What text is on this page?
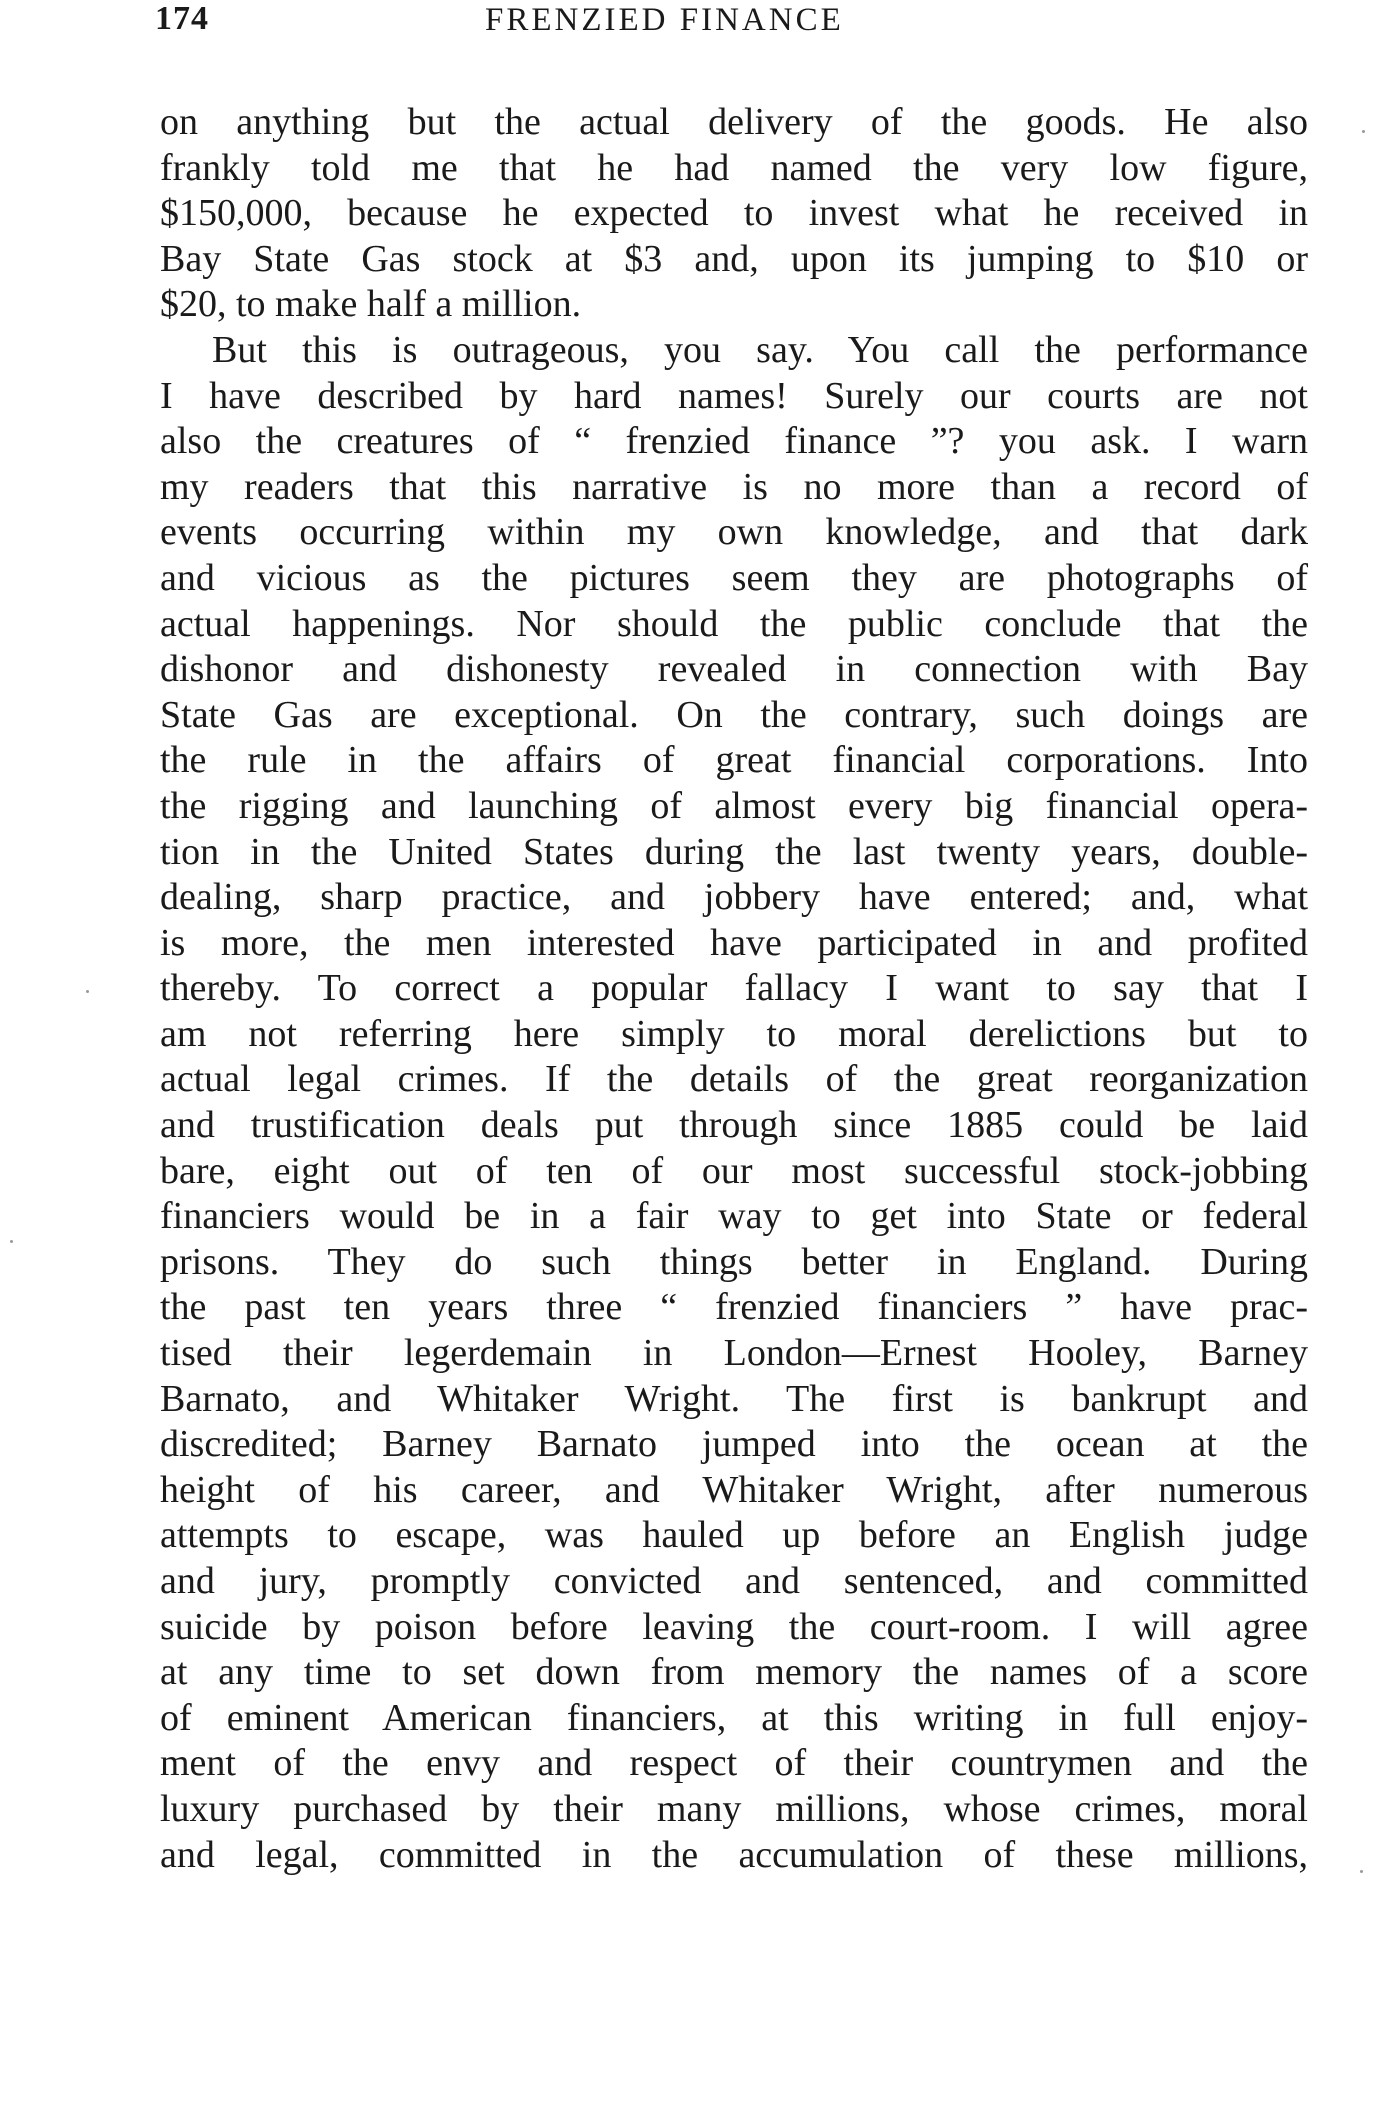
174	FRENZIED FINANCE
on anything but the actual delivery of the goods. He also
frankly told me that he had named the very low figure,
$150,000, because he expected to invest what he received in
Bay State Gas stock at $3 and, upon its jumping to $10 or
$20, to make half a million.
But this is outrageous, you say. You call the performance
I have described by hard names! Surely our courts are not
also the creatures of “ frenzied finance ”? you ask. I warn
my readers that this narrative is no more than a record of
events occurring within my own knowledge, and that dark
and vicious as the pictures seem they are photographs of
actual happenings. Nor should the public conclude that the
dishonor and dishonesty revealed in connection with Bay
State Gas are exceptional. On the contrary, such doings are
the rule in the affairs of great financial corporations. Into
the rigging and launching of almost every big financial opera-
tion in the United States during the last twenty years, double-
dealing, sharp practice, and jobbery have entered; and, what
is more, the men interested have participated in and profited
thereby. To correct a popular fallacy I want to say that I
am not referring here simply to moral derelictions but to
actual legal crimes. If the details of the great reorganization
and trustification deals put through since 1885 could be laid
bare, eight out of ten of our most successful stock-jobbing
financiers would be in a fair way to get into State or federal
prisons. They do such things better in England. During
the past ten years three “ frenzied financiers ” have prac-
tised their legerdemain in London—Ernest Hooley, Barney
Barnato, and Whitaker Wright. The first is bankrupt and
discredited; Barney Barnato jumped into the ocean at the
height of his career, and Whitaker Wright, after numerous
attempts to escape, was hauled up before an English judge
and jury, promptly convicted and sentenced, and committed
suicide by poison before leaving the court-room. I will agree
at any time to set down from memory the names of a score
of eminent American financiers, at this writing in full enjoy-
ment of the envy and respect of their countrymen and the
luxury purchased by their many millions, whose crimes, moral
and legal, committed in the accumulation of these millions,
